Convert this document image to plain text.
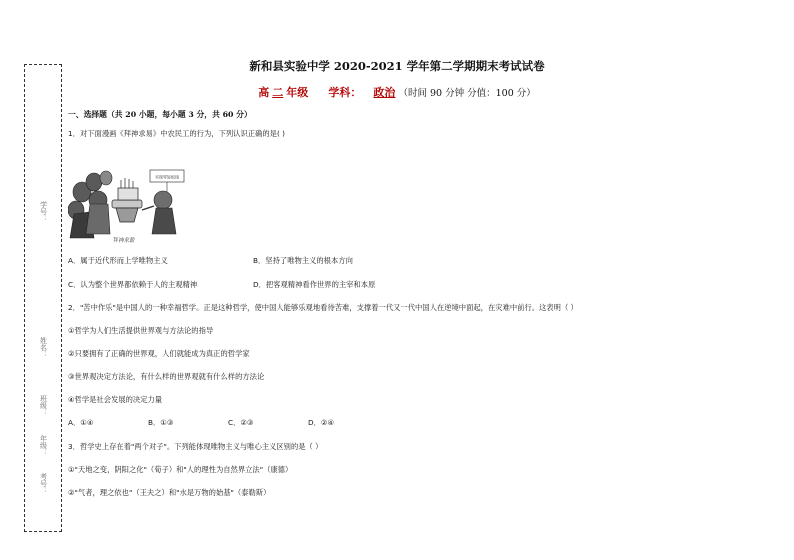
学号：
姓名：
班级：
年级：
考号：
新和县实验中学 2020-2021 学年第二学期期末考试试卷
高 二 年级 学科： 政治 （时间 90 分钟 分值：100 分）
一、选择题（共 20 小题，每小题 3 分，共 60 分）
1．对下面漫画《拜神求易》中农民工的行为，下列认识正确的是( )
实现零轻松钱
拜神求薪
A．属于近代形而上学唯物主义	B．坚持了唯物主义的根本方向
C．认为整个世界都依赖于人的主观精神	D．把客观精神看作世界的主宰和本原
2．"苦中作乐"是中国人的一种幸福哲学。正是这种哲学，使中国人能够乐观地看待苦难，支撑着一代又一代中国人在逆境中面起，在灾难中前行。这表明（ ）
①哲学为人们生活提供世界观与方法论的指导
②只要拥有了正确的世界观，人们就能成为真正的哲学家
③世界观决定方法论，有什么样的世界观就有什么样的方法论
④哲学是社会发展的决定力量
A．①④	B．①③	C．②③	D．②④
3．哲学史上存在着"两个对子"。下列能体现唯物主义与唯心主义区别的是（ ）
①"天地之变，阴阳之化"（荀子）和"人的理性为自然界立法"（康德）
②"气者，理之依也"（王夫之）和"水是万物的始基"（泰勒斯）
